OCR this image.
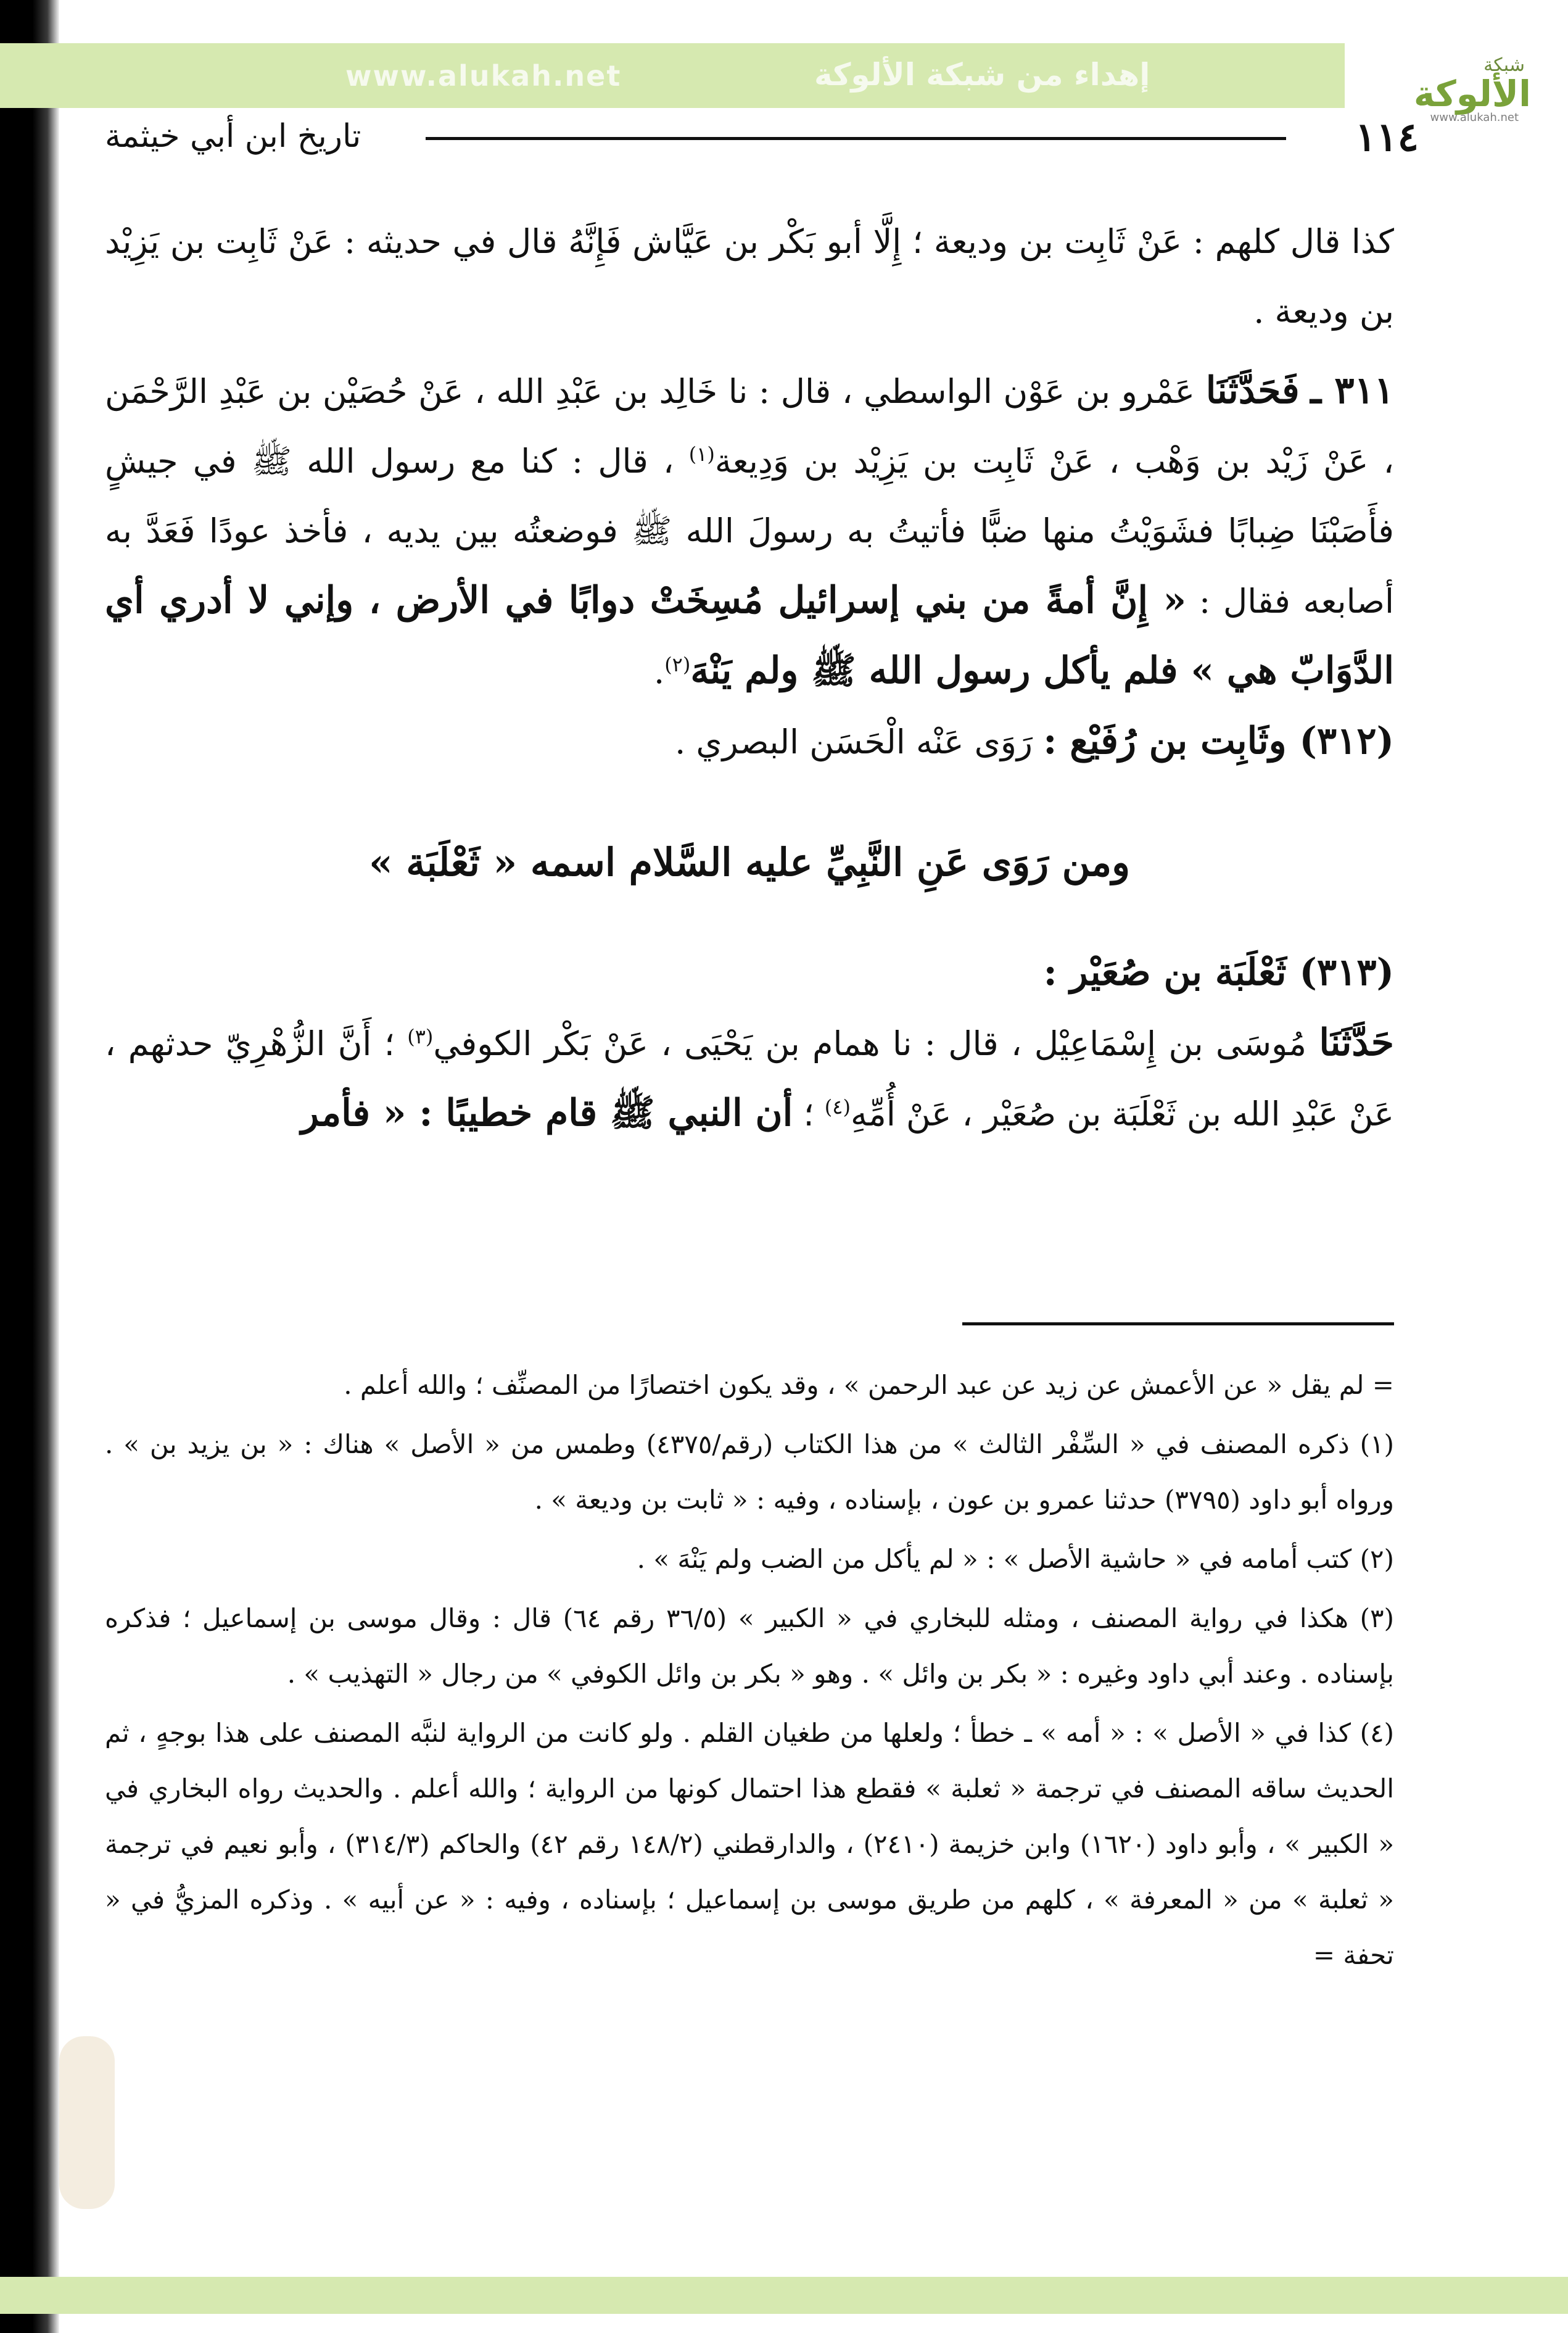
www.alukah.net	إهداء من شبكة الألوكة	شبكة
الألوكة
www.alukah.net
١١٤
تاريخ ابن أبي خيثمة

كذا قال كلهم : عَنْ ثَابِت بن وديعة ؛ إِلَّا أبو بَكْر بن عَيَّاش فَإِنَّهُ قال في حديثه : عَنْ ثَابِت بن يَزِيْد بن وديعة .

٣١١ ـ فَحَدَّثَنَا عَمْرو بن عَوْن الواسطي ، قال : نا خَالِد بن عَبْدِ الله ، عَنْ حُصَيْن بن عَبْدِ الرَّحْمَن ، عَنْ زَيْد بن وَهْب ، عَنْ ثَابِت بن يَزِيْد بن وَدِيعة$^{(١)}$ ، قال : كنا مع رسول الله ﷺ في جيشٍ فأَصَبْنَا ضِبابًا فشَوَيْتُ منها ضبًّا فأتيتُ به رسولَ الله ﷺ فوضعتُه بين يديه ، فأخذ عودًا فَعَدَّ به أصابعه فقال : « إِنَّ أمةً من بني إسرائيل مُسِخَتْ دوابًا في الأرض ، وإني لا أدري أي الدَّوَابّ هي » فلم يأكل رسول الله ﷺ ولم يَنْهَ$^{(٢)}$.

(٣١٢) وثَابِت بن رُفَيْع : رَوَى عَنْه الْحَسَن البصري .

ومن رَوَى عَنِ النَّبِيِّ عليه السَّلام اسمه « ثَعْلَبَة »

(٣١٣) ثَعْلَبَة بن صُعَيْر :

حَدَّثَنَا مُوسَى بن إِسْمَاعِيْل ، قال : نا همام بن يَحْيَى ، عَنْ بَكْر الكوفي$^{(٣)}$ ؛ أَنَّ الزُّهْرِيّ حدثهم ، عَنْ عَبْدِ الله بن ثَعْلَبَة بن صُعَيْر ، عَنْ أُمِّهِ$^{(٤)}$ ؛ أن النبي ﷺ قام خطيبًا : « فأمر

= لم يقل « عن الأعمش عن زيد عن عبد الرحمن » ، وقد يكون اختصارًا من المصنِّف ؛ والله أعلم .

(١) ذكره المصنف في « السِّفْر الثالث » من هذا الكتاب (رقم/٤٣٧٥) وطمس من « الأصل » هناك : « بن يزيد بن » . ورواه أبو داود (٣٧٩٥) حدثنا عمرو بن عون ، بإسناده ، وفيه : « ثابت بن وديعة » .

(٢) كتب أمامه في « حاشية الأصل » : « لم يأكل من الضب ولم يَنْهَ » .

(٣) هكذا في رواية المصنف ، ومثله للبخاري في « الكبير » (٣٦/٥ رقم ٦٤) قال : وقال موسى بن إسماعيل ؛ فذكره بإسناده . وعند أبي داود وغيره : « بكر بن وائل » . وهو « بكر بن وائل الكوفي » من رجال « التهذيب » .

(٤) كذا في « الأصل » : « أمه » ـ خطأ ؛ ولعلها من طغيان القلم . ولو كانت من الرواية لنبَّه المصنف على هذا بوجهٍ ، ثم الحديث ساقه المصنف في ترجمة « ثعلبة » فقطع هذا احتمال كونها من الرواية ؛ والله أعلم . والحديث رواه البخاري في « الكبير » ، وأبو داود (١٦٢٠) وابن خزيمة (٢٤١٠) ، والدارقطني (١٤٨/٢ رقم ٤٢) والحاكم (٣١٤/٣) ، وأبو نعيم في ترجمة « ثعلبة » من « المعرفة » ، كلهم من طريق موسى بن إسماعيل ؛ بإسناده ، وفيه : « عن أبيه » . وذكره المزيُّ في « تحفة =
